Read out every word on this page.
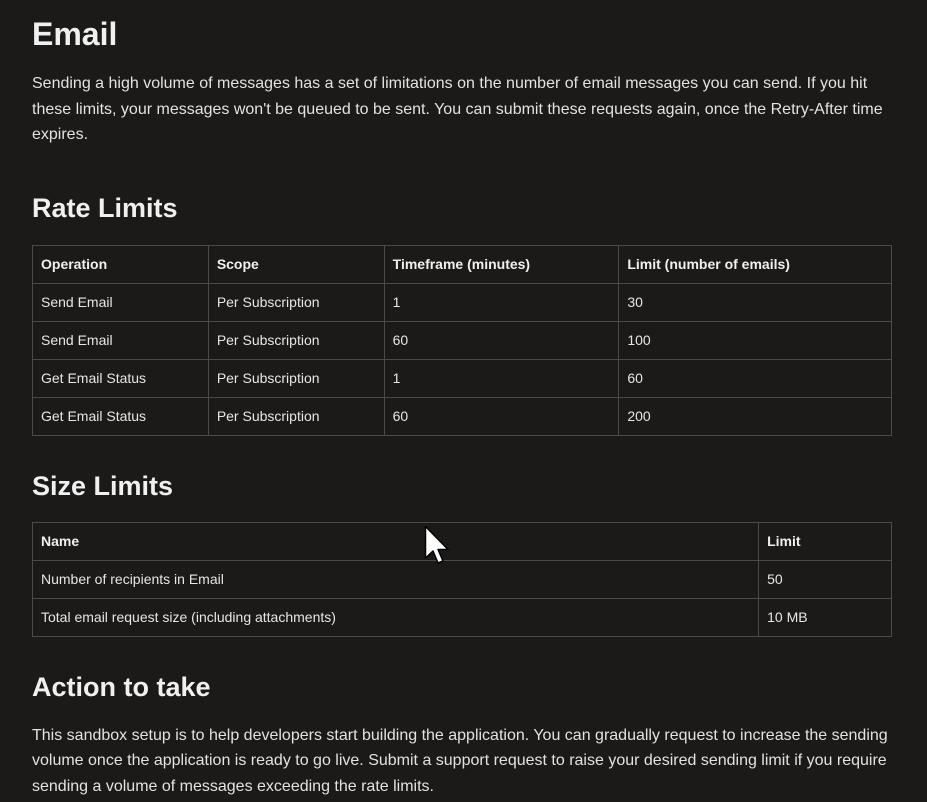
Email

Sending a high volume of messages has a set of limitations on the number of email messages you can send. If you hit these limits, your messages won't be queued to be sent. You can submit these requests again, once the Retry-After time expires.

Rate Limits
Operation	Scope	Timeframe (minutes)	Limit (number of emails)
Send Email	Per Subscription	1	30
Send Email	Per Subscription	60	100
Get Email Status	Per Subscription	1	60
Get Email Status	Per Subscription	60	200
Size Limits
Name	Limit
Number of recipients in Email	50
Total email request size (including attachments)	10 MB
Action to take

This sandbox setup is to help developers start building the application. You can gradually request to increase the sending volume once the application is ready to go live. Submit a support request to raise your desired sending limit if you require sending a volume of messages exceeding the rate limits.
